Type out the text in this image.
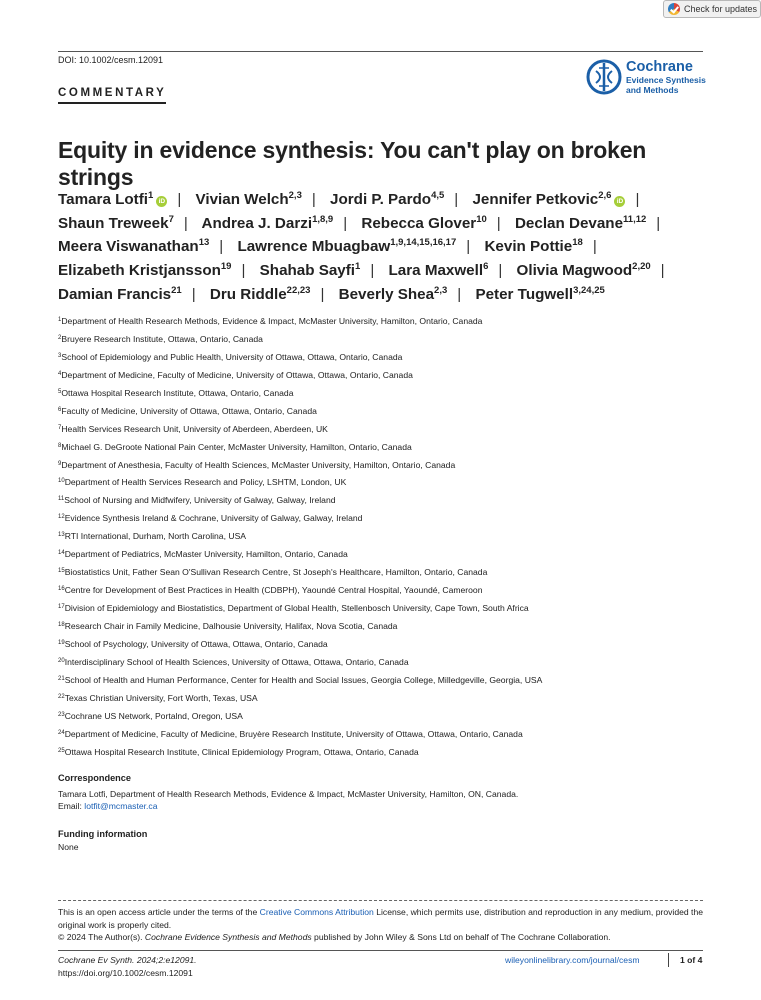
Check for updates
DOI: 10.1002/cesm.12091
COMMENTARY
Cochrane
Evidence Synthesis
and Methods
Equity in evidence synthesis: You can't play on broken strings
Tamara Lotfi$^1$iD | Vivian Welch$^{2,3}$ | Jordi P. Pardo$^{4,5}$ | Jennifer Petkovic$^{2,6}$iD | Shaun Treweek$^7$ | Andrea J. Darzi$^{1,8,9}$ | Rebecca Glover$^{10}$ | Declan Devane$^{11,12}$ | Meera Viswanathan$^{13}$ | Lawrence Mbuagbaw$^{1,9,14,15,16,17}$ | Kevin Pottie$^{18}$ | Elizabeth Kristjansson$^{19}$ | Shahab Sayfi$^1$ | Lara Maxwell$^6$ | Olivia Magwood$^{2,20}$ | Damian Francis$^{21}$ | Dru Riddle$^{22,23}$ | Beverly Shea$^{2,3}$ | Peter Tugwell$^{3,24,25}$
$^1$Department of Health Research Methods, Evidence & Impact, McMaster University, Hamilton, Ontario, Canada
$^2$Bruyere Research Institute, Ottawa, Ontario, Canada
$^3$School of Epidemiology and Public Health, University of Ottawa, Ottawa, Ontario, Canada
$^4$Department of Medicine, Faculty of Medicine, University of Ottawa, Ottawa, Ontario, Canada
$^5$Ottawa Hospital Research Institute, Ottawa, Ontario, Canada
$^6$Faculty of Medicine, University of Ottawa, Ottawa, Ontario, Canada
$^7$Health Services Research Unit, University of Aberdeen, Aberdeen, UK
$^8$Michael G. DeGroote National Pain Center, McMaster University, Hamilton, Ontario, Canada
$^9$Department of Anesthesia, Faculty of Health Sciences, McMaster University, Hamilton, Ontario, Canada
$^{10}$Department of Health Services Research and Policy, LSHTM, London, UK
$^{11}$School of Nursing and Midfwifery, University of Galway, Galway, Ireland
$^{12}$Evidence Synthesis Ireland & Cochrane, University of Galway, Galway, Ireland
$^{13}$RTI International, Durham, North Carolina, USA
$^{14}$Department of Pediatrics, McMaster University, Hamilton, Ontario, Canada
$^{15}$Biostatistics Unit, Father Sean O'Sullivan Research Centre, St Joseph's Healthcare, Hamilton, Ontario, Canada
$^{16}$Centre for Development of Best Practices in Health (CDBPH), Yaoundé Central Hospital, Yaoundé, Cameroon
$^{17}$Division of Epidemiology and Biostatistics, Department of Global Health, Stellenbosch University, Cape Town, South Africa
$^{18}$Research Chair in Family Medicine, Dalhousie University, Halifax, Nova Scotia, Canada
$^{19}$School of Psychology, University of Ottawa, Ottawa, Ontario, Canada
$^{20}$Interdisciplinary School of Health Sciences, University of Ottawa, Ottawa, Ontario, Canada
$^{21}$School of Health and Human Performance, Center for Health and Social Issues, Georgia College, Milledgeville, Georgia, USA
$^{22}$Texas Christian University, Fort Worth, Texas, USA
$^{23}$Cochrane US Network, Portalnd, Oregon, USA
$^{24}$Department of Medicine, Faculty of Medicine, Bruyère Research Institute, University of Ottawa, Ottawa, Ontario, Canada
$^{25}$Ottawa Hospital Research Institute, Clinical Epidemiology Program, Ottawa, Ontario, Canada
Correspondence
Tamara Lotfi, Department of Health Research Methods, Evidence & Impact, McMaster University, Hamilton, ON, Canada.
Email: lotfit@mcmaster.ca
Funding information
None
This is an open access article under the terms of the Creative Commons Attribution License, which permits use, distribution and reproduction in any medium, provided the original work is properly cited.
© 2024 The Author(s). Cochrane Evidence Synthesis and Methods published by John Wiley & Sons Ltd on behalf of The Cochrane Collaboration.
Cochrane Ev Synth. 2024;2:e12091.
https://doi.org/10.1002/cesm.12091
wileyonlinelibrary.com/journal/cesm	1 of 4
